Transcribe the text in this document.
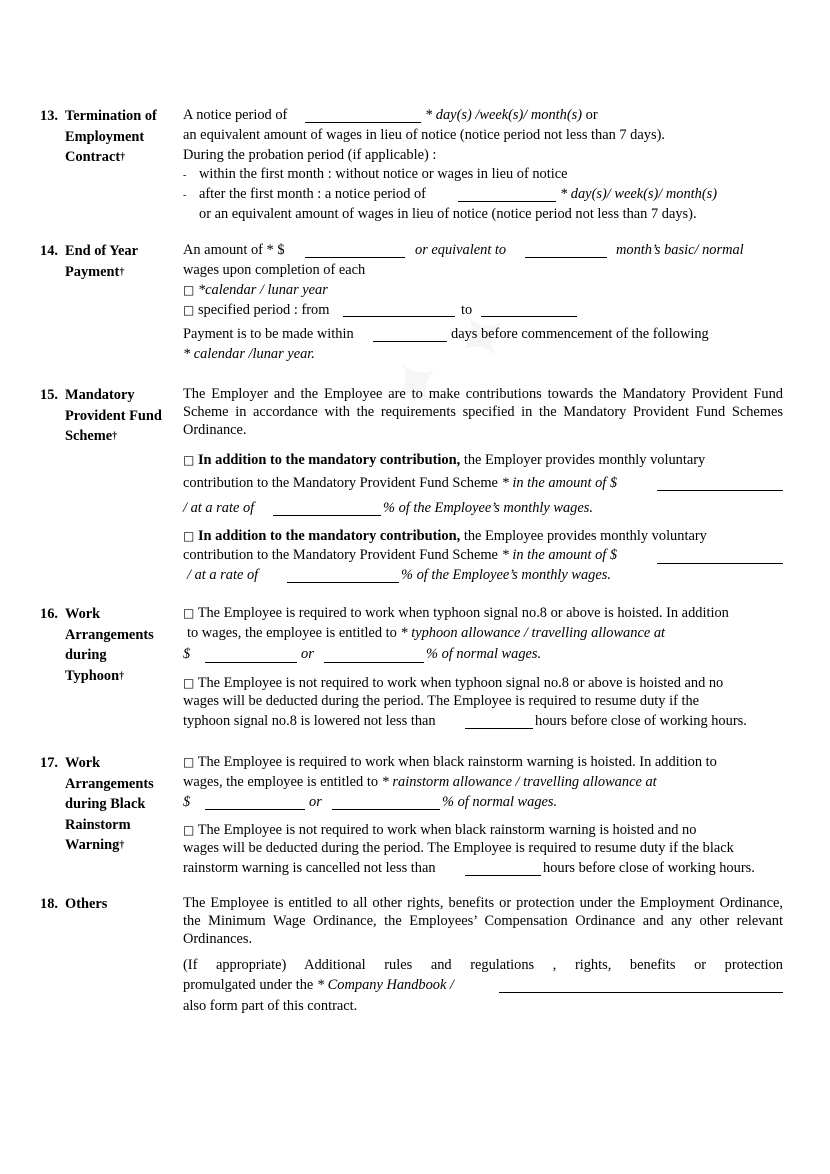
13. Termination of
Employment
Contract†
A notice period of	* day(s) /week(s)/ month(s) or
an equivalent amount of wages in lieu of notice (notice period not less than 7 days).
During the probation period (if applicable) :
- within the first month : without notice or wages in lieu of notice
- after the first month : a notice period of	* day(s)/ week(s)/ month(s)
or an equivalent amount of wages in lieu of notice (notice period not less than 7 days).
14. End of Year
Payment†
An amount of * $	or equivalent to	month’s basic/ normal
wages upon completion of each
□ *calendar / lunar year
□ specified period : from	to
Payment is to be made within	days before commencement of the following
* calendar /lunar year.
15. Mandatory
Provident Fund
Scheme†
The Employer and the Employee are to make contributions towards the Mandatory Provident Fund Scheme in accordance with the requirements specified in the Mandatory Provident Fund Schemes Ordinance.
□ In addition to the mandatory contribution, the Employer provides monthly voluntary
contribution to the Mandatory Provident Fund Scheme * in the amount of $
/ at a rate of	% of the Employee’s monthly wages.
□ In addition to the mandatory contribution, the Employee provides monthly voluntary
contribution to the Mandatory Provident Fund Scheme * in the amount of $
/ at a rate of	% of the Employee’s monthly wages.
16. Work
Arrangements
during
Typhoon†
□ The Employee is required to work when typhoon signal no.8 or above is hoisted. In addition
to wages, the employee is entitled to * typhoon allowance / travelling allowance at
$	or	% of normal wages.
□ The Employee is not required to work when typhoon signal no.8 or above is hoisted and no
wages will be deducted during the period. The Employee is required to resume duty if the
typhoon signal no.8 is lowered not less than	hours before close of working hours.
17. Work
Arrangements
during Black
Rainstorm
Warning†
□ The Employee is required to work when black rainstorm warning is hoisted. In addition to
wages, the employee is entitled to * rainstorm allowance / travelling allowance at
$	or	% of normal wages.
□ The Employee is not required to work when black rainstorm warning is hoisted and no
wages will be deducted during the period. The Employee is required to resume duty if the black
rainstorm warning is cancelled not less than	hours before close of working hours.
18. Others	The Employee is entitled to all other rights, benefits or protection under the Employment Ordinance, the Minimum Wage Ordinance, the Employees’ Compensation Ordinance and any other relevant Ordinances.
(If appropriate) Additional rules and regulations , rights, benefits or protection
promulgated under the * Company Handbook /
also form part of this contract.
